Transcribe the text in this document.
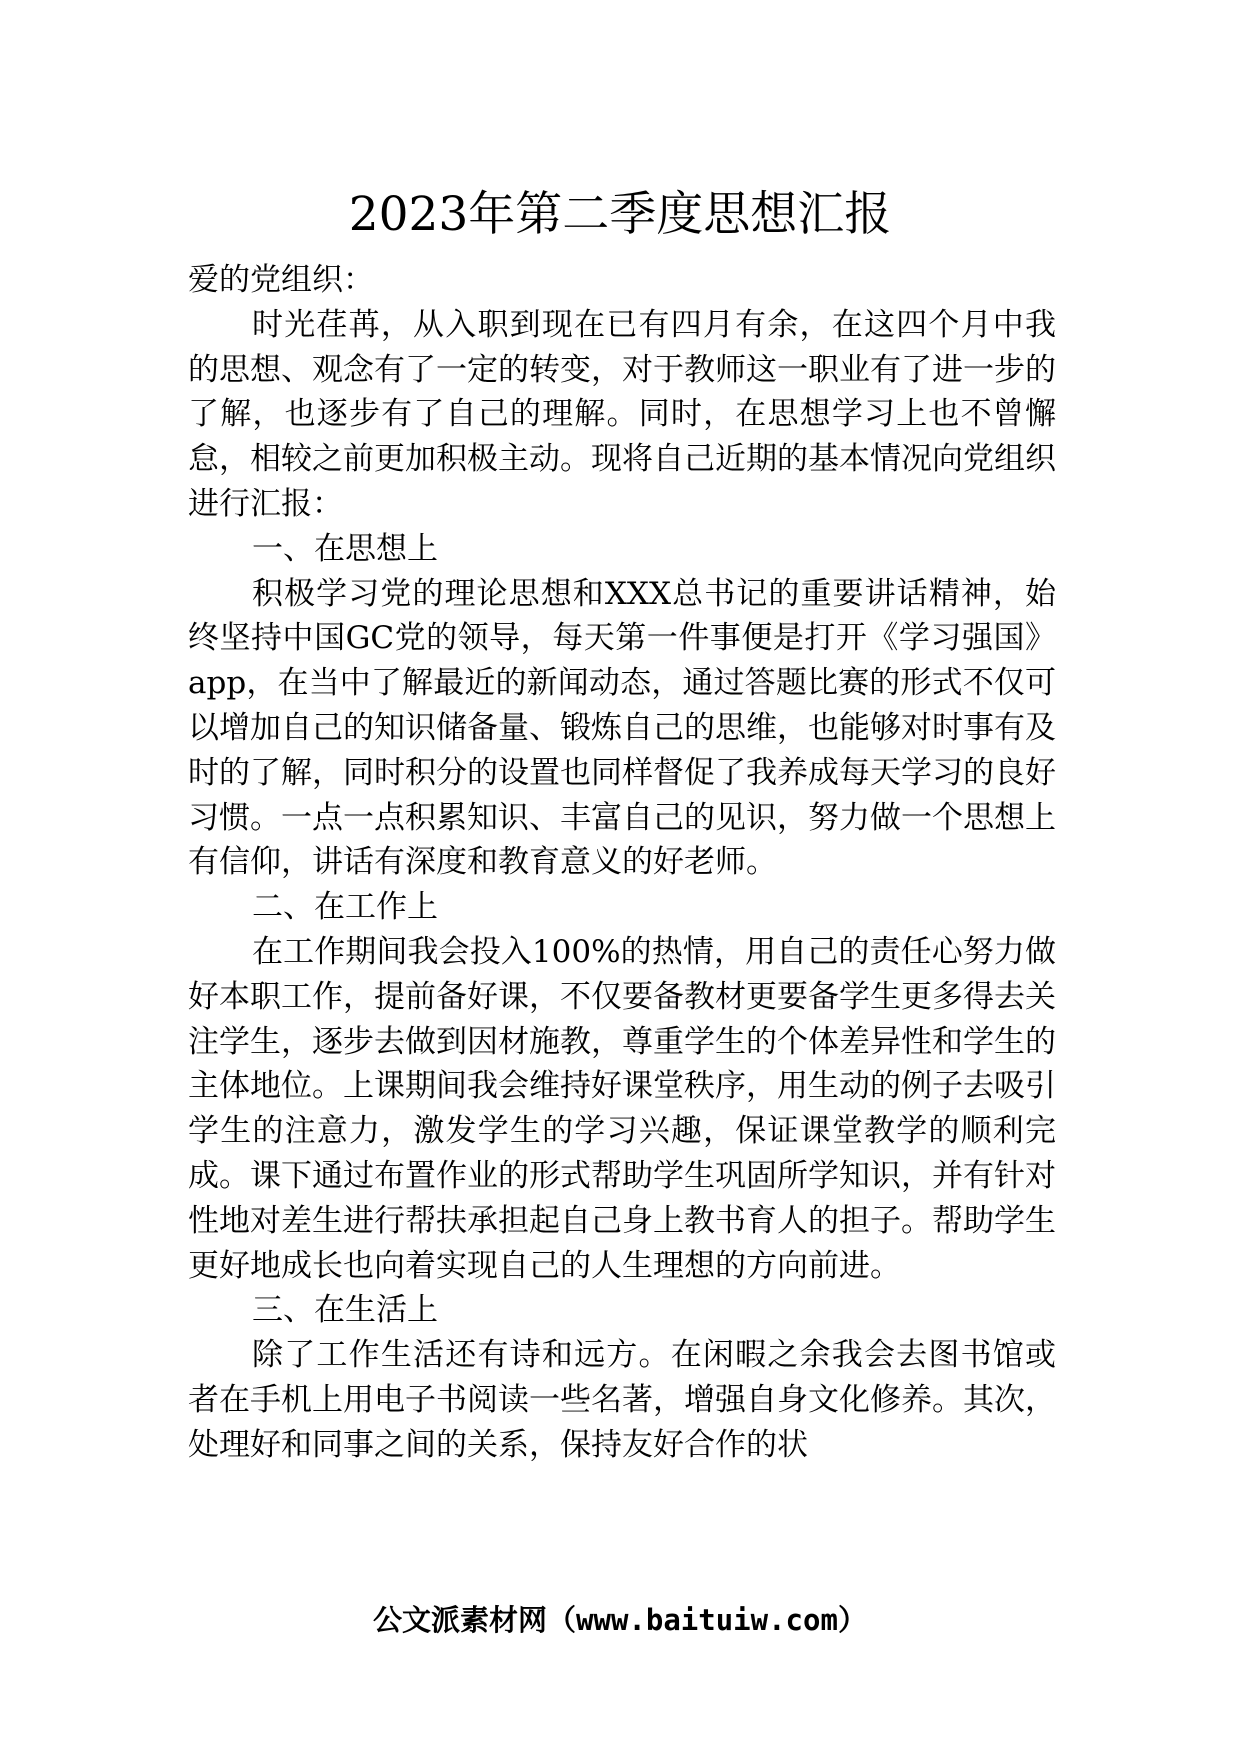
2023年第二季度思想汇报

爱的党组织：

时光荏苒，从入职到现在已有四月有余，在这四个月中我的思想、观念有了一定的转变，对于教师这一职业有了进一步的了解，也逐步有了自己的理解。同时，在思想学习上也不曾懈怠，相较之前更加积极主动。现将自己近期的基本情况向党组织进行汇报：

一、在思想上

积极学习党的理论思想和XXX总书记的重要讲话精神，始终坚持中国GC党的领导，每天第一件事便是打开《学习强国》app，在当中了解最近的新闻动态，通过答题比赛的形式不仅可以增加自己的知识储备量、锻炼自己的思维，也能够对时事有及时的了解，同时积分的设置也同样督促了我养成每天学习的良好习惯。一点一点积累知识、丰富自己的见识，努力做一个思想上有信仰，讲话有深度和教育意义的好老师。

二、在工作上

在工作期间我会投入100%的热情，用自己的责任心努力做好本职工作，提前备好课，不仅要备教材更要备学生更多得去关注学生，逐步去做到因材施教，尊重学生的个体差异性和学生的主体地位。上课期间我会维持好课堂秩序，用生动的例子去吸引学生的注意力，激发学生的学习兴趣，保证课堂教学的顺利完成。课下通过布置作业的形式帮助学生巩固所学知识，并有针对性地对差生进行帮扶承担起自己身上教书育人的担子。帮助学生更好地成长也向着实现自己的人生理想的方向前进。

三、在生活上

除了工作生活还有诗和远方。在闲暇之余我会去图书馆或者在手机上用电子书阅读一些名著，增强自身文化修养。其次，处理好和同事之间的关系，保持友好合作的状

公文派素材网（www.baituiw.com）
